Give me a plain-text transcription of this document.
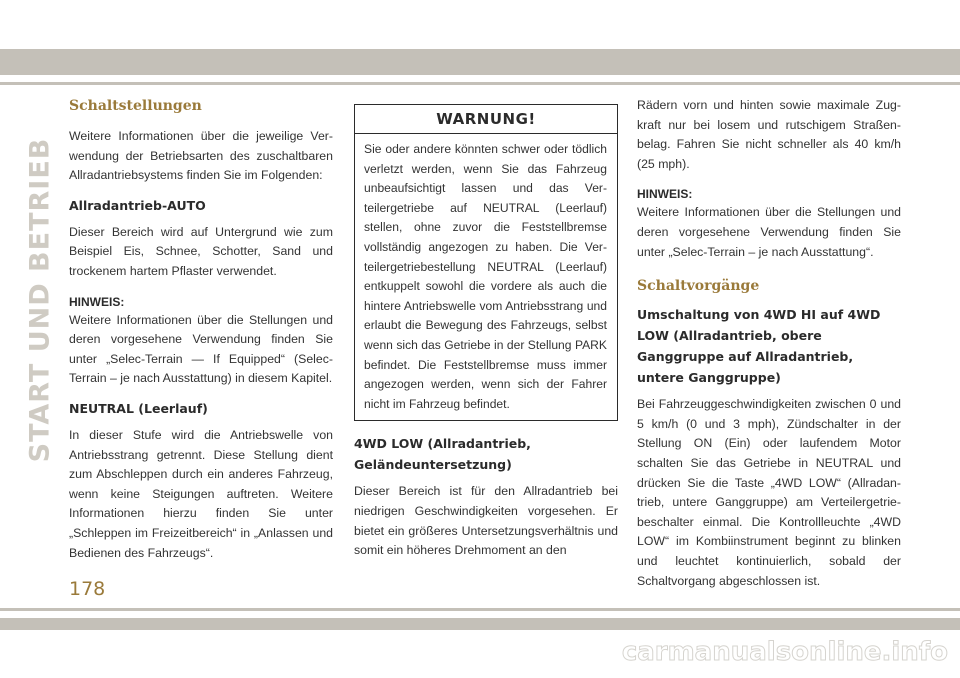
START UND BETRIEB
Schaltstellungen

Weitere Informationen über die jeweilige Verwendung der Betriebsarten des zuschaltbaren Allradantriebsystems finden Sie im Folgenden:

Allradantrieb-AUTO

Dieser Bereich wird auf Untergrund wie zum Beispiel Eis, Schnee, Schotter, Sand und trockenem hartem Pflaster verwendet.

HINWEIS:

Weitere Informationen über die Stellungen und deren vorgesehene Verwendung finden Sie unter „Selec-Terrain — If Equipped“ (Selec-Terrain – je nach Ausstattung) in diesem Kapitel.

NEUTRAL (Leerlauf)

In dieser Stufe wird die Antriebswelle von Antriebsstrang getrennt. Diese Stellung dient zum Abschleppen durch ein anderes Fahrzeug, wenn keine Steigungen auftreten. Weitere Informationen hierzu finden Sie unter „Schleppen im Freizeitbereich“ in „Anlassen und Bedienen des Fahrzeugs“.

WARNUNG!

Sie oder andere könnten schwer oder tödlich verletzt werden, wenn Sie das Fahrzeug unbeaufsichtigt lassen und das Verteilergetriebe auf NEUTRAL (Leerlauf) stellen, ohne zuvor die Feststellbremse vollständig angezogen zu haben. Die Verteilergetriebestellung NEUTRAL (Leerlauf) entkuppelt sowohl die vordere als auch die hintere Antriebswelle vom Antriebsstrang und erlaubt die Bewegung des Fahrzeugs, selbst wenn sich das Getriebe in der Stellung PARK befindet. Die Feststellbremse muss immer angezogen werden, wenn sich der Fahrer nicht im Fahrzeug befindet.

4WD LOW (Allradantrieb, Geländeuntersetzung)

Dieser Bereich ist für den Allradantrieb bei niedrigen Geschwindigkeiten vorgesehen. Er bietet ein größeres Untersetzungsverhältnis und somit ein höheres Drehmoment an den

Rädern vorn und hinten sowie maximale Zugkraft nur bei losem und rutschigem Straßenbelag. Fahren Sie nicht schneller als 40 km/h (25 mph).

HINWEIS:

Weitere Informationen über die Stellungen und deren vorgesehene Verwendung finden Sie unter „Selec-Terrain – je nach Ausstattung“.

Schaltvorgänge
Umschaltung von 4WD HI auf 4WD LOW (Allradantrieb, obere Ganggruppe auf Allradantrieb, untere Ganggruppe)

Bei Fahrzeuggeschwindigkeiten zwischen 0 und 5 km/h (0 und 3 mph), Zündschalter in der Stellung ON (Ein) oder laufendem Motor schalten Sie das Getriebe in NEUTRAL und drücken Sie die Taste „4WD LOW“ (Allradantrieb, untere Ganggruppe) am Verteilergetriebeschalter einmal. Die Kontrollleuchte „4WD LOW“ im Kombiinstrument beginnt zu blinken und leuchtet kontinuierlich, sobald der Schaltvorgang abgeschlossen ist.

178
carmanualsonline.info
